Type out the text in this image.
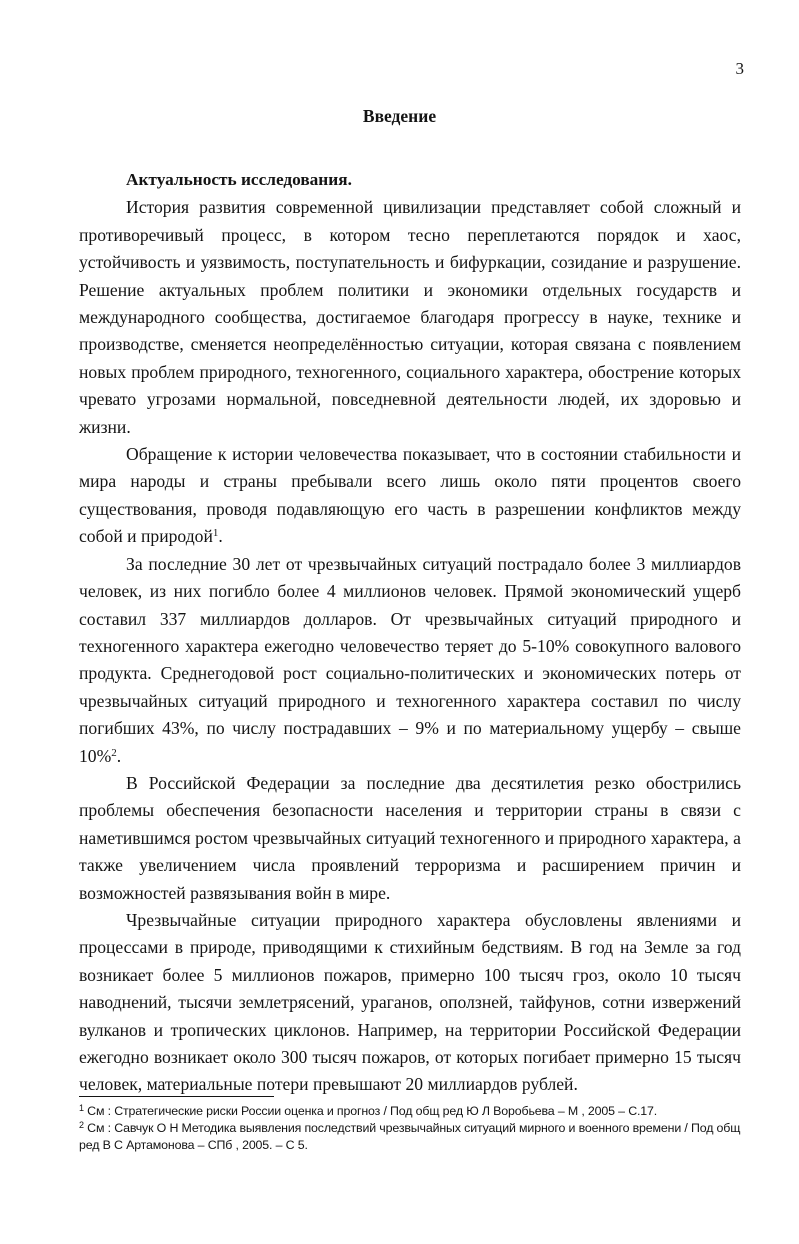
3
Введение
Актуальность исследования.

История развития современной цивилизации представляет собой сложный и противоречивый процесс, в котором тесно переплетаются порядок и хаос, устойчивость и уязвимость, поступательность и бифуркации, созидание и разрушение. Решение актуальных проблем политики и экономики отдельных государств и международного сообщества, достигаемое благодаря прогрессу в науке, технике и производстве, сменяется неопределённостью ситуации, которая связана с появлением новых проблем природного, техногенного, социального характера, обострение которых чревато угрозами нормальной, повседневной деятельности людей, их здоровью и жизни.

Обращение к истории человечества показывает, что в состоянии стабильности и мира народы и страны пребывали всего лишь около пяти процентов своего существования, проводя подавляющую его часть в разрешении конфликтов между собой и природой$^1$.

За последние 30 лет от чрезвычайных ситуаций пострадало более 3 миллиардов человек, из них погибло более 4 миллионов человек. Прямой экономический ущерб составил 337 миллиардов долларов. От чрезвычайных ситуаций природного и техногенного характера ежегодно человечество теряет до 5-10% совокупного валового продукта. Среднегодовой рост социально-политических и экономических потерь от чрезвычайных ситуаций природного и техногенного характера составил по числу погибших 43%, по числу пострадавших – 9% и по материальному ущербу – свыше 10%$^2$.

В Российской Федерации за последние два десятилетия резко обострились проблемы обеспечения безопасности населения и территории страны в связи с наметившимся ростом чрезвычайных ситуаций техногенного и природного характера, а также увеличением числа проявлений терроризма и расширением причин и возможностей развязывания войн в мире.

Чрезвычайные ситуации природного характера обусловлены явлениями и процессами в природе, приводящими к стихийным бедствиям. В год на Земле за год возникает более 5 миллионов пожаров, примерно 100 тысяч гроз, около 10 тысяч наводнений, тысячи землетрясений, ураганов, оползней, тайфунов, сотни извержений вулканов и тропических циклонов. Например, на территории Российской Федерации ежегодно возникает около 300 тысяч пожаров, от которых погибает примерно 15 тысяч человек, материальные потери превышают 20 миллиардов рублей.

$^1$ См : Стратегические риски России оценка и прогноз / Под общ ред Ю Л Воробьева – М , 2005 – С.17.

$^2$ См : Савчук О Н Методика выявления последствий чрезвычайных ситуаций мирного и военного времени / Под общ ред В С Артамонова – СПб , 2005. – С 5.
